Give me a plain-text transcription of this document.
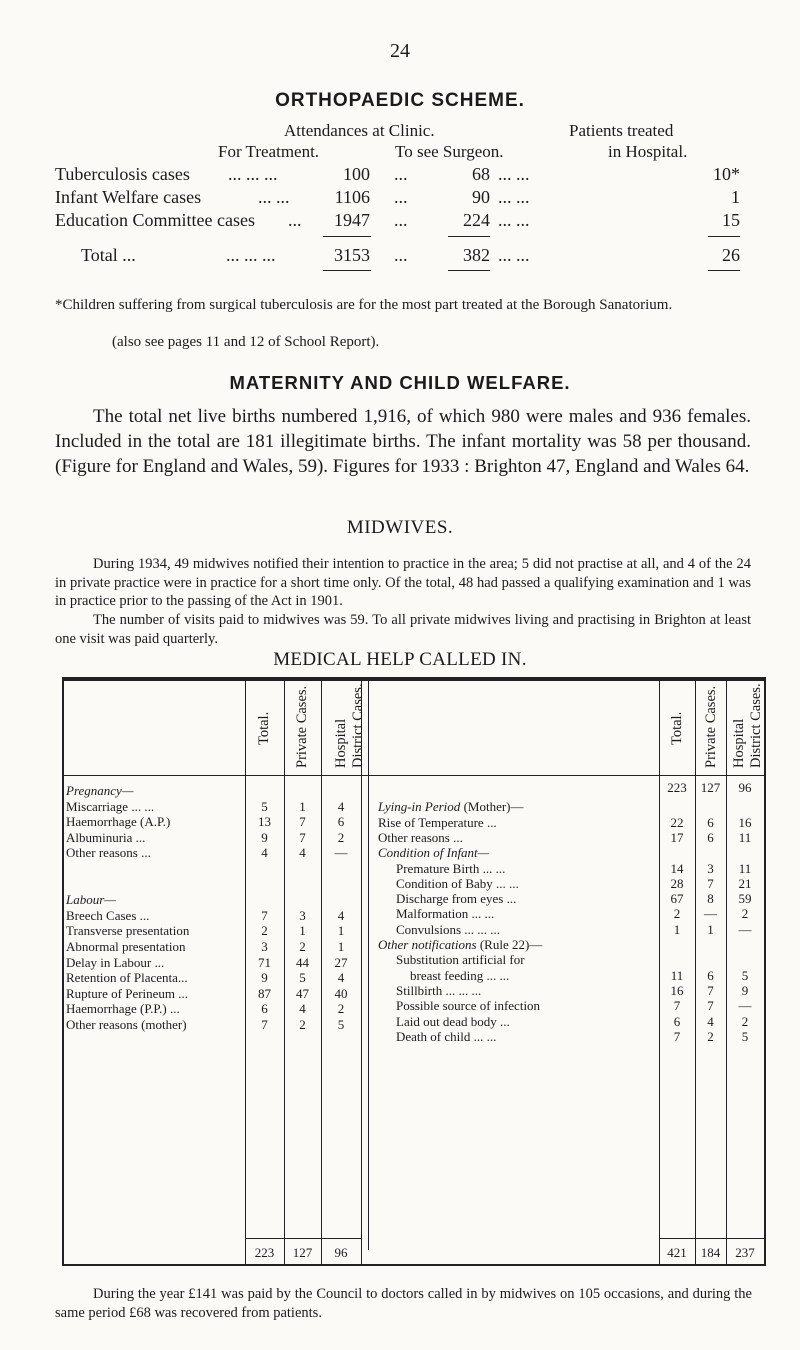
24
ORTHOPAEDIC SCHEME.
Attendances at Clinic.	Patients treated
For Treatment.	To see Surgeon.	in Hospital.
Tuberculosis cases ... ... ...	100 ...	68 ... ...	10*
Infant Welfare cases	... ...	1106 ...	90 ... ...	1
Education Committee cases ...	1947 ...	224 ... ...	15
Total ...	... ... ...	3153 ...	382 ... ...	26
*Children suffering from surgical tuberculosis are for the most part treated at the Borough Sanatorium.
(also see pages 11 and 12 of School Report).
MATERNITY AND CHILD WELFARE.
The total net live births numbered 1,916, of which 980 were males and 936 females. Included in the total are 181 illegitimate births. The infant mortality was 58 per thousand. (Figure for England and Wales, 59). Figures for 1933 : Brighton 47, England and Wales 64.
MIDWIVES.
During 1934, 49 midwives notified their intention to practice in the area; 5 did not practise at all, and 4 of the 24 in private practice were in practice for a short time only. Of the total, 48 had passed a qualifying examination and 1 was in practice prior to the passing of the Act in 1901.
The number of visits paid to midwives was 59. To all private midwives living and practising in Brighton at least one visit was paid quarterly.
MEDICAL HELP CALLED IN.
Total. Private Cases. Hospital District Cases.	Total. Private Cases. Hospital District Cases.
Pregnancy—
Miscarriage ... ...	5	1	4
Haemorrhage (A.P.)	13	7	6
Albuminuria ...	9	7	2
Other reasons ...	4	4	—
Labour—
Breech Cases ...	7	3	4
Transverse presentation	2	1	1
Abnormal presentation	3	2	1
Delay in Labour ...	71	44	27
Retention of Placenta...	9	5	4
Rupture of Perineum ...	87	47	40
Haemorrhage (P.P.) ...	6	4	2
Other reasons (mother)	7	2	5
223	127	96
Lying-in Period (Mother)—
Rise of Temperature ...	22	6	16
Other reasons ...	17	6	11
Condition of Infant—
Premature Birth ... ...	14	3	11
Condition of Baby ... ...	28	7	21
Discharge from eyes ...	67	8	59
Malformation ... ...	2	—	2
Convulsions ... ... ...	1	1	—
Other notifications (Rule 22)—
Substitution artificial for
breast feeding ... ...	11	6	5
Stillbirth ... ... ...	16	7	9
Possible source of infection	7	7	—
Laid out dead body ...	6	4	2
Death of child ... ...	7	2	5
223	127	96	421	184	237
During the year £141 was paid by the Council to doctors called in by midwives on 105 occasions, and during the same period £68 was recovered from patients.
